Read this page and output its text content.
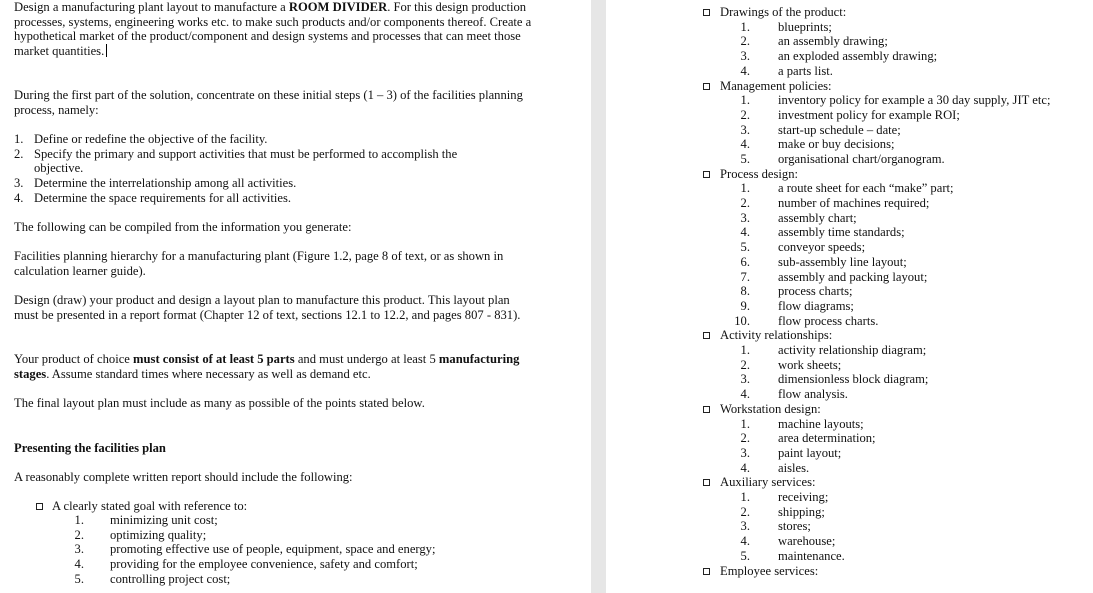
Design a manufacturing plant layout to manufacture a ROOM DIVIDER. For this design production processes, systems, engineering works etc. to make such products and/or components thereof. Create a hypothetical market of the product/component and design systems and processes that can meet those market quantities.
During the first part of the solution, concentrate on these initial steps (1 – 3) of the facilities planning process, namely:
1. Define or redefine the objective of the facility.
2. Specify the primary and support activities that must be performed to accomplish the
objective.
3. Determine the interrelationship among all activities.
4. Determine the space requirements for all activities.
The following can be compiled from the information you generate:
Facilities planning hierarchy for a manufacturing plant (Figure 1.2, page 8 of text, or as shown in calculation learner guide).
Design (draw) your product and design a layout plan to manufacture this product. This layout plan must be presented in a report format (Chapter 12 of text, sections 12.1 to 12.2, and pages 807 - 831).
Your product of choice must consist of at least 5 parts and must undergo at least 5 manufacturing stages. Assume standard times where necessary as well as demand etc.
The final layout plan must include as many as possible of the points stated below.
Presenting the facilities plan
A reasonably complete written report should include the following:
A clearly stated goal with reference to:
1. minimizing unit cost;
2. optimizing quality;
3. promoting effective use of people, equipment, space and energy;
4. providing for the employee convenience, safety and comfort;
5. controlling project cost;
Drawings of the product:
1. blueprints;
2. an assembly drawing;
3. an exploded assembly drawing;
4. a parts list.
Management policies:
1. inventory policy for example a 30 day supply, JIT etc;
2. investment policy for example ROI;
3. start-up schedule – date;
4. make or buy decisions;
5. organisational chart/organogram.
Process design:
1. a route sheet for each “make” part;
2. number of machines required;
3. assembly chart;
4. assembly time standards;
5. conveyor speeds;
6. sub-assembly line layout;
7. assembly and packing layout;
8. process charts;
9. flow diagrams;
10. flow process charts.
Activity relationships:
1. activity relationship diagram;
2. work sheets;
3. dimensionless block diagram;
4. flow analysis.
Workstation design:
1. machine layouts;
2. area determination;
3. paint layout;
4. aisles.
Auxiliary services:
1. receiving;
2. shipping;
3. stores;
4. warehouse;
5. maintenance.
Employee services:
